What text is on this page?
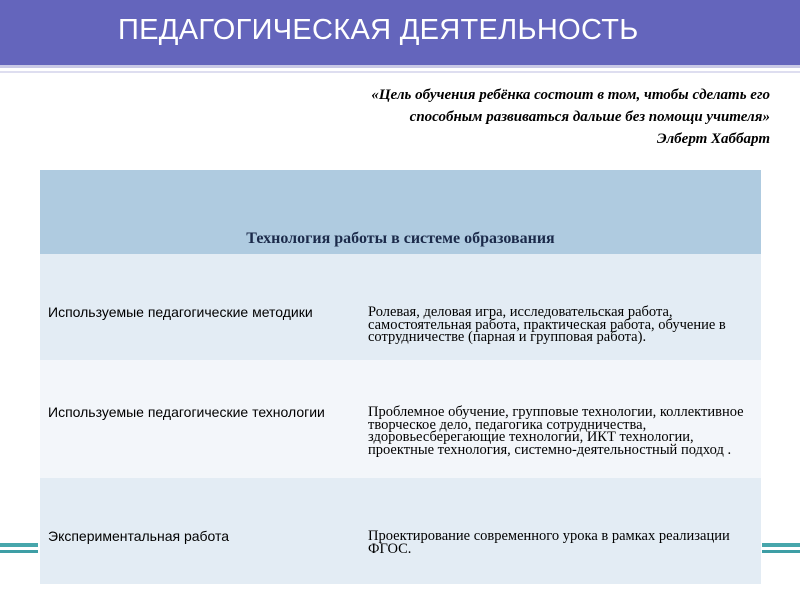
ПЕДАГОГИЧЕСКАЯ ДЕЯТЕЛЬНОСТЬ
«Цель обучения ребёнка состоит в том, чтобы сделать его
способным развиваться дальше без помощи учителя»
Элберт Хаббарт
Технология работы в системе образования
Используемые педагогические методики	Ролевая, деловая игра, исследовательская работа, самостоятельная работа, практическая работа, обучение в сотрудничестве (парная и групповая работа).
Используемые педагогические технологии	Проблемное обучение, групповые технологии, коллективное творческое дело, педагогика сотрудничества, здоровьесберегающие технологии, ИКТ технологии, проектные технология, системно-деятельностный подход .
Экспериментальная работа	Проектирование современного урока в рамках реализации ФГОС.
